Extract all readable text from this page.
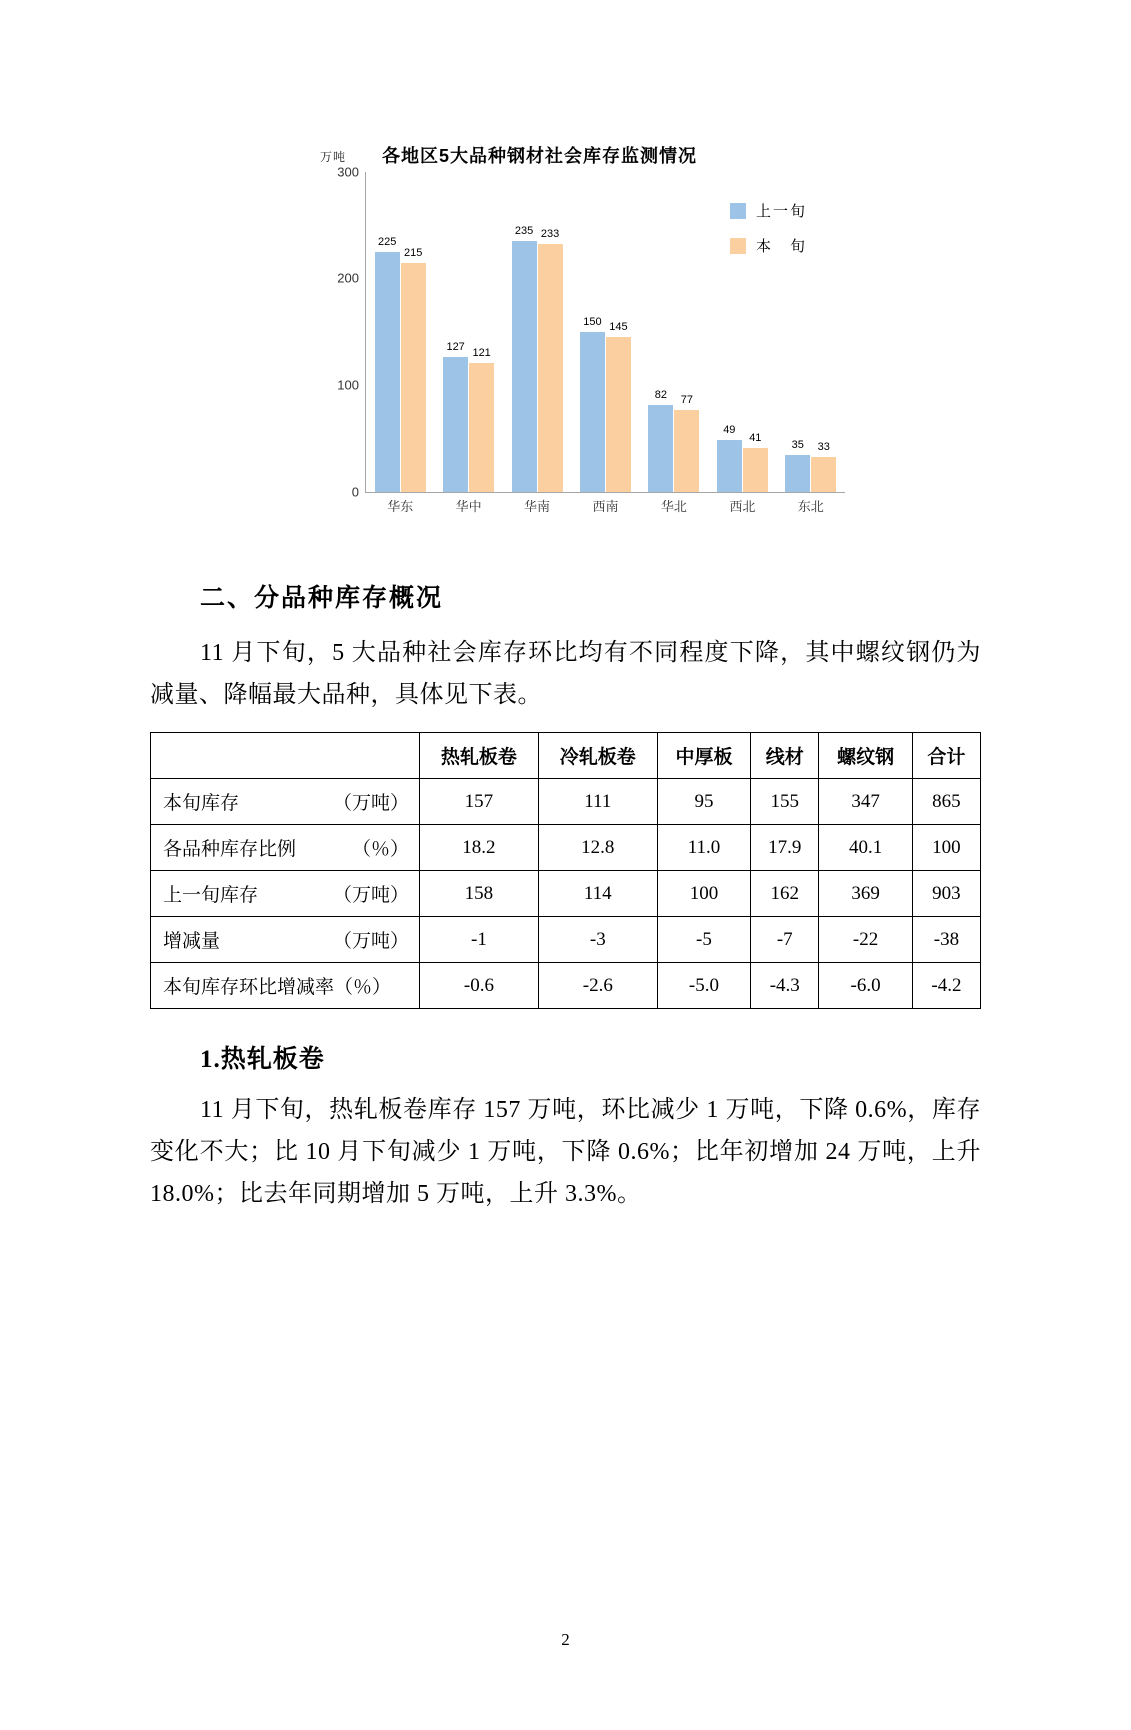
万吨 各地区5大品种钢材社会库存监测情况
300
200
100
0
225
215
127 121
235 233
150 145
82 77
49
41
35 33
华东	华中	华南	西南	华北	西北	东北
上一旬
本　旬
二、分品种库存概况

11 月下旬，5 大品种社会库存环比均有不同程度下降，其中螺纹钢仍为减量、降幅最大品种，具体见下表。

	热轧板卷	冷轧板卷	中厚板	线材	螺纹钢	合计
本旬库存 （万吨）	157	111	95	155	347	865
各品种库存比例 （％）	18.2	12.8	11.0	17.9	40.1	100
上一旬库存 （万吨）	158	114	100	162	369	903
增减量 （万吨）	-1	-3	-5	-7	-22	-38
本旬库存环比增减率（％）	-0.6	-2.6	-5.0	-4.3	-6.0	-4.2
1.热轧板卷

11 月下旬，热轧板卷库存 157 万吨，环比减少 1 万吨，下降 0.6%，库存变化不大；比 10 月下旬减少 1 万吨，下降 0.6%；比年初增加 24 万吨，上升 18.0%；比去年同期增加 5 万吨，上升 3.3%。

2
